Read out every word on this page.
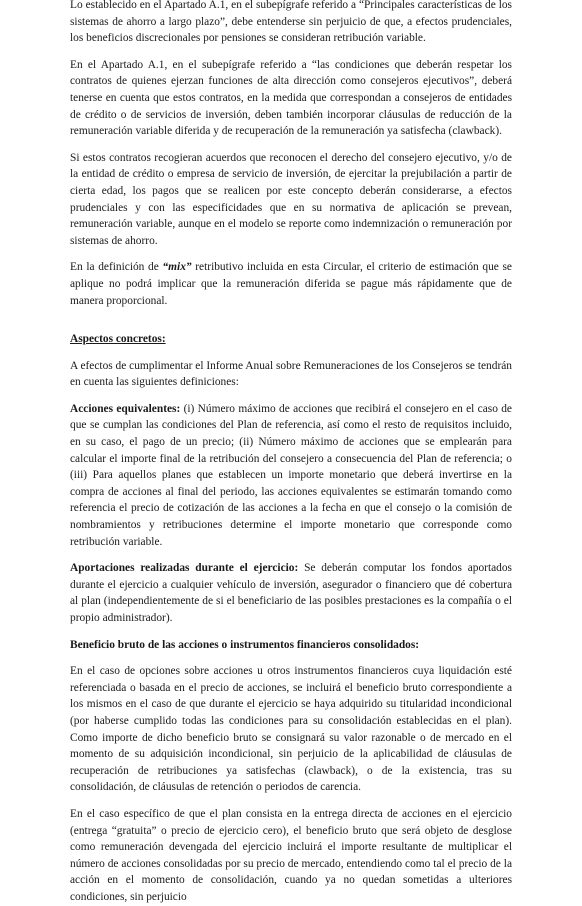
Lo establecido en el Apartado A.1, en el subepígrafe referido a “Principales características de los sistemas de ahorro a largo plazo”, debe entenderse sin perjuicio de que, a efectos prudenciales, los beneficios discrecionales por pensiones se consideran retribución variable.

En el Apartado A.1, en el subepígrafe referido a “las condiciones que deberán respetar los contratos de quienes ejerzan funciones de alta dirección como consejeros ejecutivos”, deberá tenerse en cuenta que estos contratos, en la medida que correspondan a consejeros de entidades de crédito o de servicios de inversión, deben también incorporar cláusulas de reducción de la remuneración variable diferida y de recuperación de la remuneración ya satisfecha (clawback).

Si estos contratos recogieran acuerdos que reconocen el derecho del consejero ejecutivo, y/o de la entidad de crédito o empresa de servicio de inversión, de ejercitar la prejubilación a partir de cierta edad, los pagos que se realicen por este concepto deberán considerarse, a efectos prudenciales y con las especificidades que en su normativa de aplicación se prevean, remuneración variable, aunque en el modelo se reporte como indemnización o remuneración por sistemas de ahorro.

En la definición de “mix” retributivo incluida en esta Circular, el criterio de estimación que se aplique no podrá implicar que la remuneración diferida se pague más rápidamente que de manera proporcional.

Aspectos concretos:

A efectos de cumplimentar el Informe Anual sobre Remuneraciones de los Consejeros se tendrán en cuenta las siguientes definiciones:

Acciones equivalentes: (i) Número máximo de acciones que recibirá el consejero en el caso de que se cumplan las condiciones del Plan de referencia, así como el resto de requisitos incluido, en su caso, el pago de un precio; (ii) Número máximo de acciones que se emplearán para calcular el importe final de la retribución del consejero a consecuencia del Plan de referencia; o (iii) Para aquellos planes que establecen un importe monetario que deberá invertirse en la compra de acciones al final del periodo, las acciones equivalentes se estimarán tomando como referencia el precio de cotización de las acciones a la fecha en que el consejo o la comisión de nombramientos y retribuciones determine el importe monetario que corresponde como retribución variable.

Aportaciones realizadas durante el ejercicio: Se deberán computar los fondos aportados durante el ejercicio a cualquier vehículo de inversión, asegurador o financiero que dé cobertura al plan (independientemente de si el beneficiario de las posibles prestaciones es la compañía o el propio administrador).

Beneficio bruto de las acciones o instrumentos financieros consolidados:

En el caso de opciones sobre acciones u otros instrumentos financieros cuya liquidación esté referenciada o basada en el precio de acciones, se incluirá el beneficio bruto correspondiente a los mismos en el caso de que durante el ejercicio se haya adquirido su titularidad incondicional (por haberse cumplido todas las condiciones para su consolidación establecidas en el plan). Como importe de dicho beneficio bruto se consignará su valor razonable o de mercado en el momento de su adquisición incondicional, sin perjuicio de la aplicabilidad de cláusulas de recuperación de retribuciones ya satisfechas (clawback), o de la existencia, tras su consolidación, de cláusulas de retención o periodos de carencia.

En el caso específico de que el plan consista en la entrega directa de acciones en el ejercicio (entrega “gratuita” o precio de ejercicio cero), el beneficio bruto que será objeto de desglose como remuneración devengada del ejercicio incluirá el importe resultante de multiplicar el número de acciones consolidadas por su precio de mercado, entendiendo como tal el precio de la acción en el momento de consolidación, cuando ya no quedan sometidas a ulteriores condiciones, sin perjuicio
